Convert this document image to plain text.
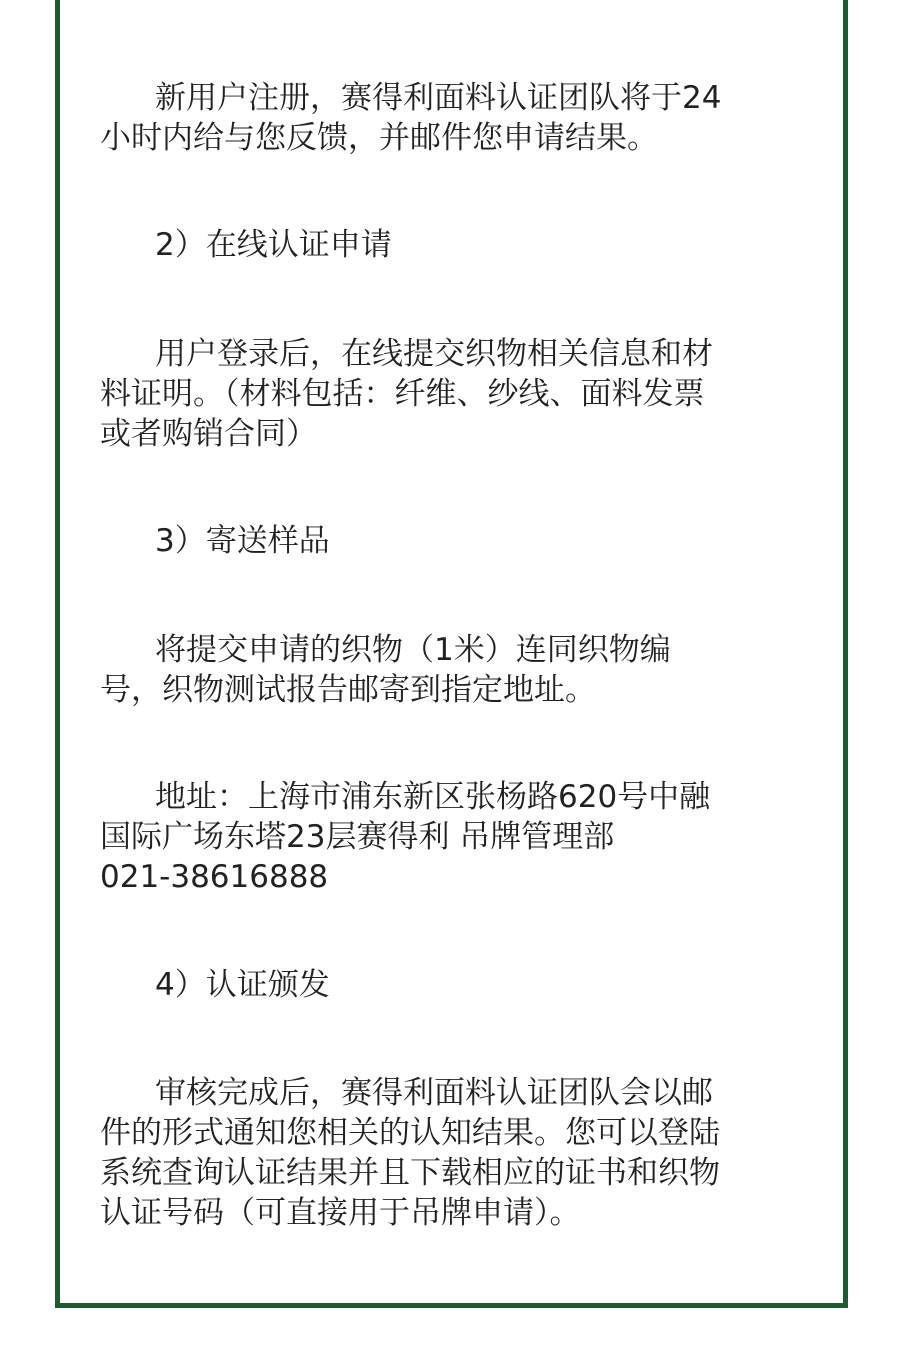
新用户注册，赛得利面料认证团队将于24
小时内给与您反馈，并邮件您申请结果。

2）在线认证申请

用户登录后，在线提交织物相关信息和材
料证明。（材料包括：纤维、纱线、面料发票
或者购销合同）

3）寄送样品

将提交申请的织物（1米）连同织物编
号，织物测试报告邮寄到指定地址。

地址：上海市浦东新区张杨路620号中融
国际广场东塔23层赛得利 吊牌管理部
021-38616888

4）认证颁发

审核完成后，赛得利面料认证团队会以邮
件的形式通知您相关的认知结果。您可以登陆
系统查询认证结果并且下载相应的证书和织物
认证号码（可直接用于吊牌申请）。
